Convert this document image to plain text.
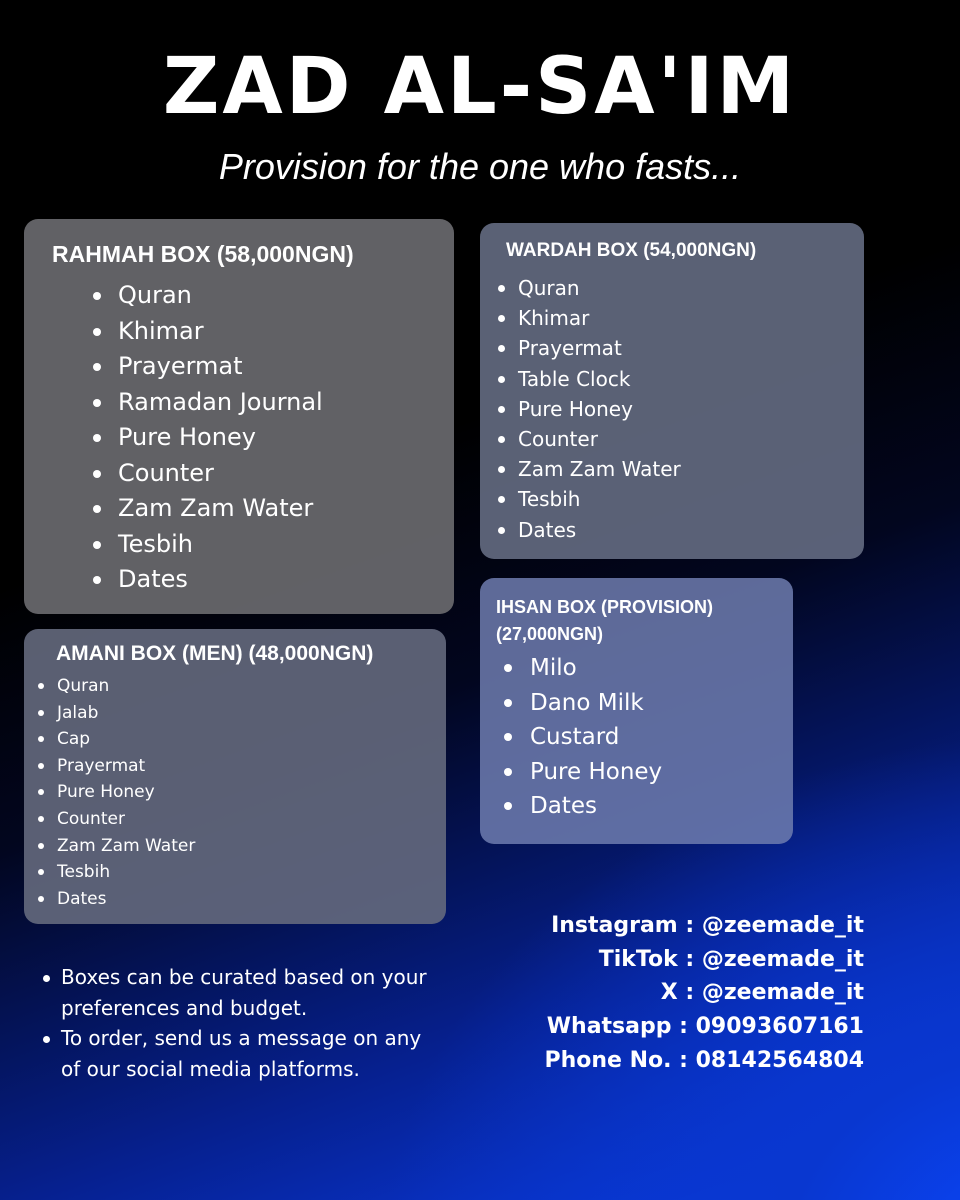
ZAD AL-SA'IM
Provision for the one who fasts...
RAHMAH BOX (58,000NGN)
Quran
Khimar
Prayermat
Ramadan Journal
Pure Honey
Counter
Zam Zam Water
Tesbih
Dates
WARDAH BOX (54,000NGN)
Quran
Khimar
Prayermat
Table Clock
Pure Honey
Counter
Zam Zam Water
Tesbih
Dates
AMANI BOX (MEN) (48,000NGN)
Quran
Jalab
Cap
Prayermat
Pure Honey
Counter
Zam Zam Water
Tesbih
Dates
IHSAN BOX (PROVISION)
(27,000NGN)
Milo
Dano Milk
Custard
Pure Honey
Dates
Boxes can be curated based on your preferences and budget.
To order, send us a message on any of our social media platforms.
Instagram : @zeemade_it
TikTok : @zeemade_it
X : @zeemade_it
Whatsapp : 09093607161
Phone No. : 08142564804
